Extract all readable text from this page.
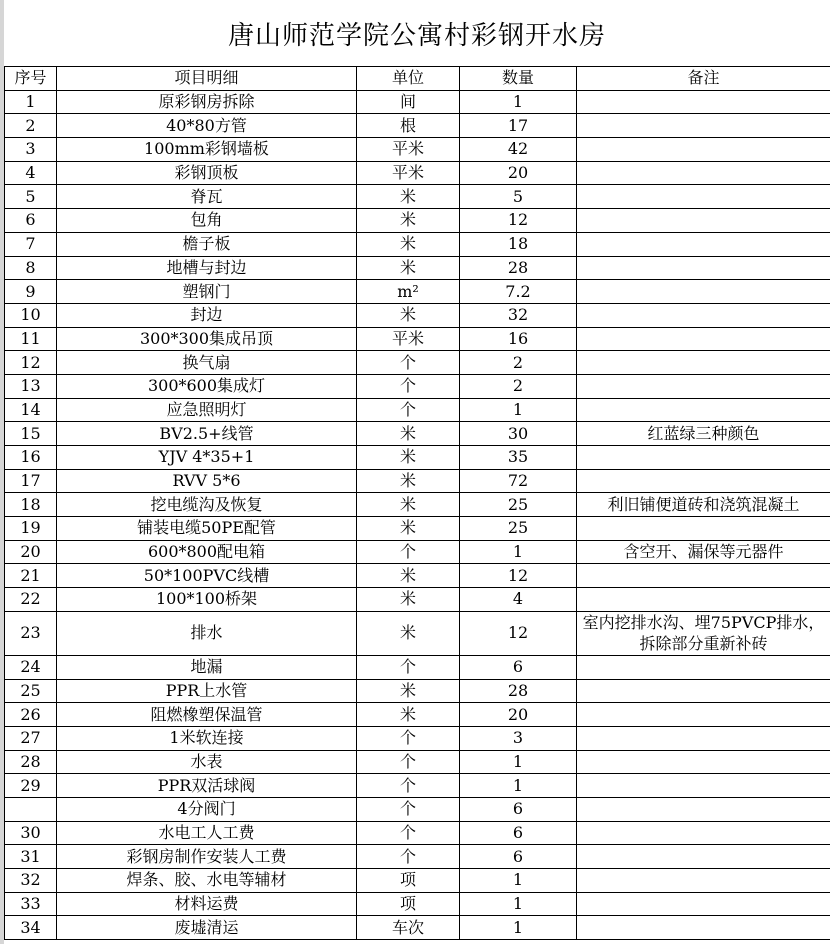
唐山师范学院公寓村彩钢开水房
序号	项目明细	单位	数量	备注
1	原彩钢房拆除	间	1	
2	40*80方管	根	17	
3	100mm彩钢墙板	平米	42	
4	彩钢顶板	平米	20	
5	脊瓦	米	5	
6	包角	米	12	
7	檐子板	米	18	
8	地槽与封边	米	28	
9	塑钢门	m²	7.2	
10	封边	米	32	
11	300*300集成吊顶	平米	16	
12	换气扇	个	2	
13	300*600集成灯	个	2	
14	应急照明灯	个	1	
15	BV2.5+线管	米	30	红蓝绿三种颜色
16	YJV 4*35+1	米	35	
17	RVV 5*6	米	72	
18	挖电缆沟及恢复	米	25	利旧铺便道砖和浇筑混凝土
19	铺装电缆50PE配管	米	25	
20	600*800配电箱	个	1	含空开、漏保等元器件
21	50*100PVC线槽	米	12	
22	100*100桥架	米	4	
23	排水	米	12	室内挖排水沟、埋75PVCP排水，拆除部分重新补砖
24	地漏	个	6	
25	PPR上水管	米	28	
26	阻燃橡塑保温管	米	20	
27	1米软连接	个	3	
28	水表	个	1	
29	PPR双活球阀	个	1	
	4分阀门	个	6	
30	水电工人工费	个	6	
31	彩钢房制作安装人工费	个	6	
32	焊条、胶、水电等辅材	项	1	
33	材料运费	项	1	
34	废墟清运	车次	1	
